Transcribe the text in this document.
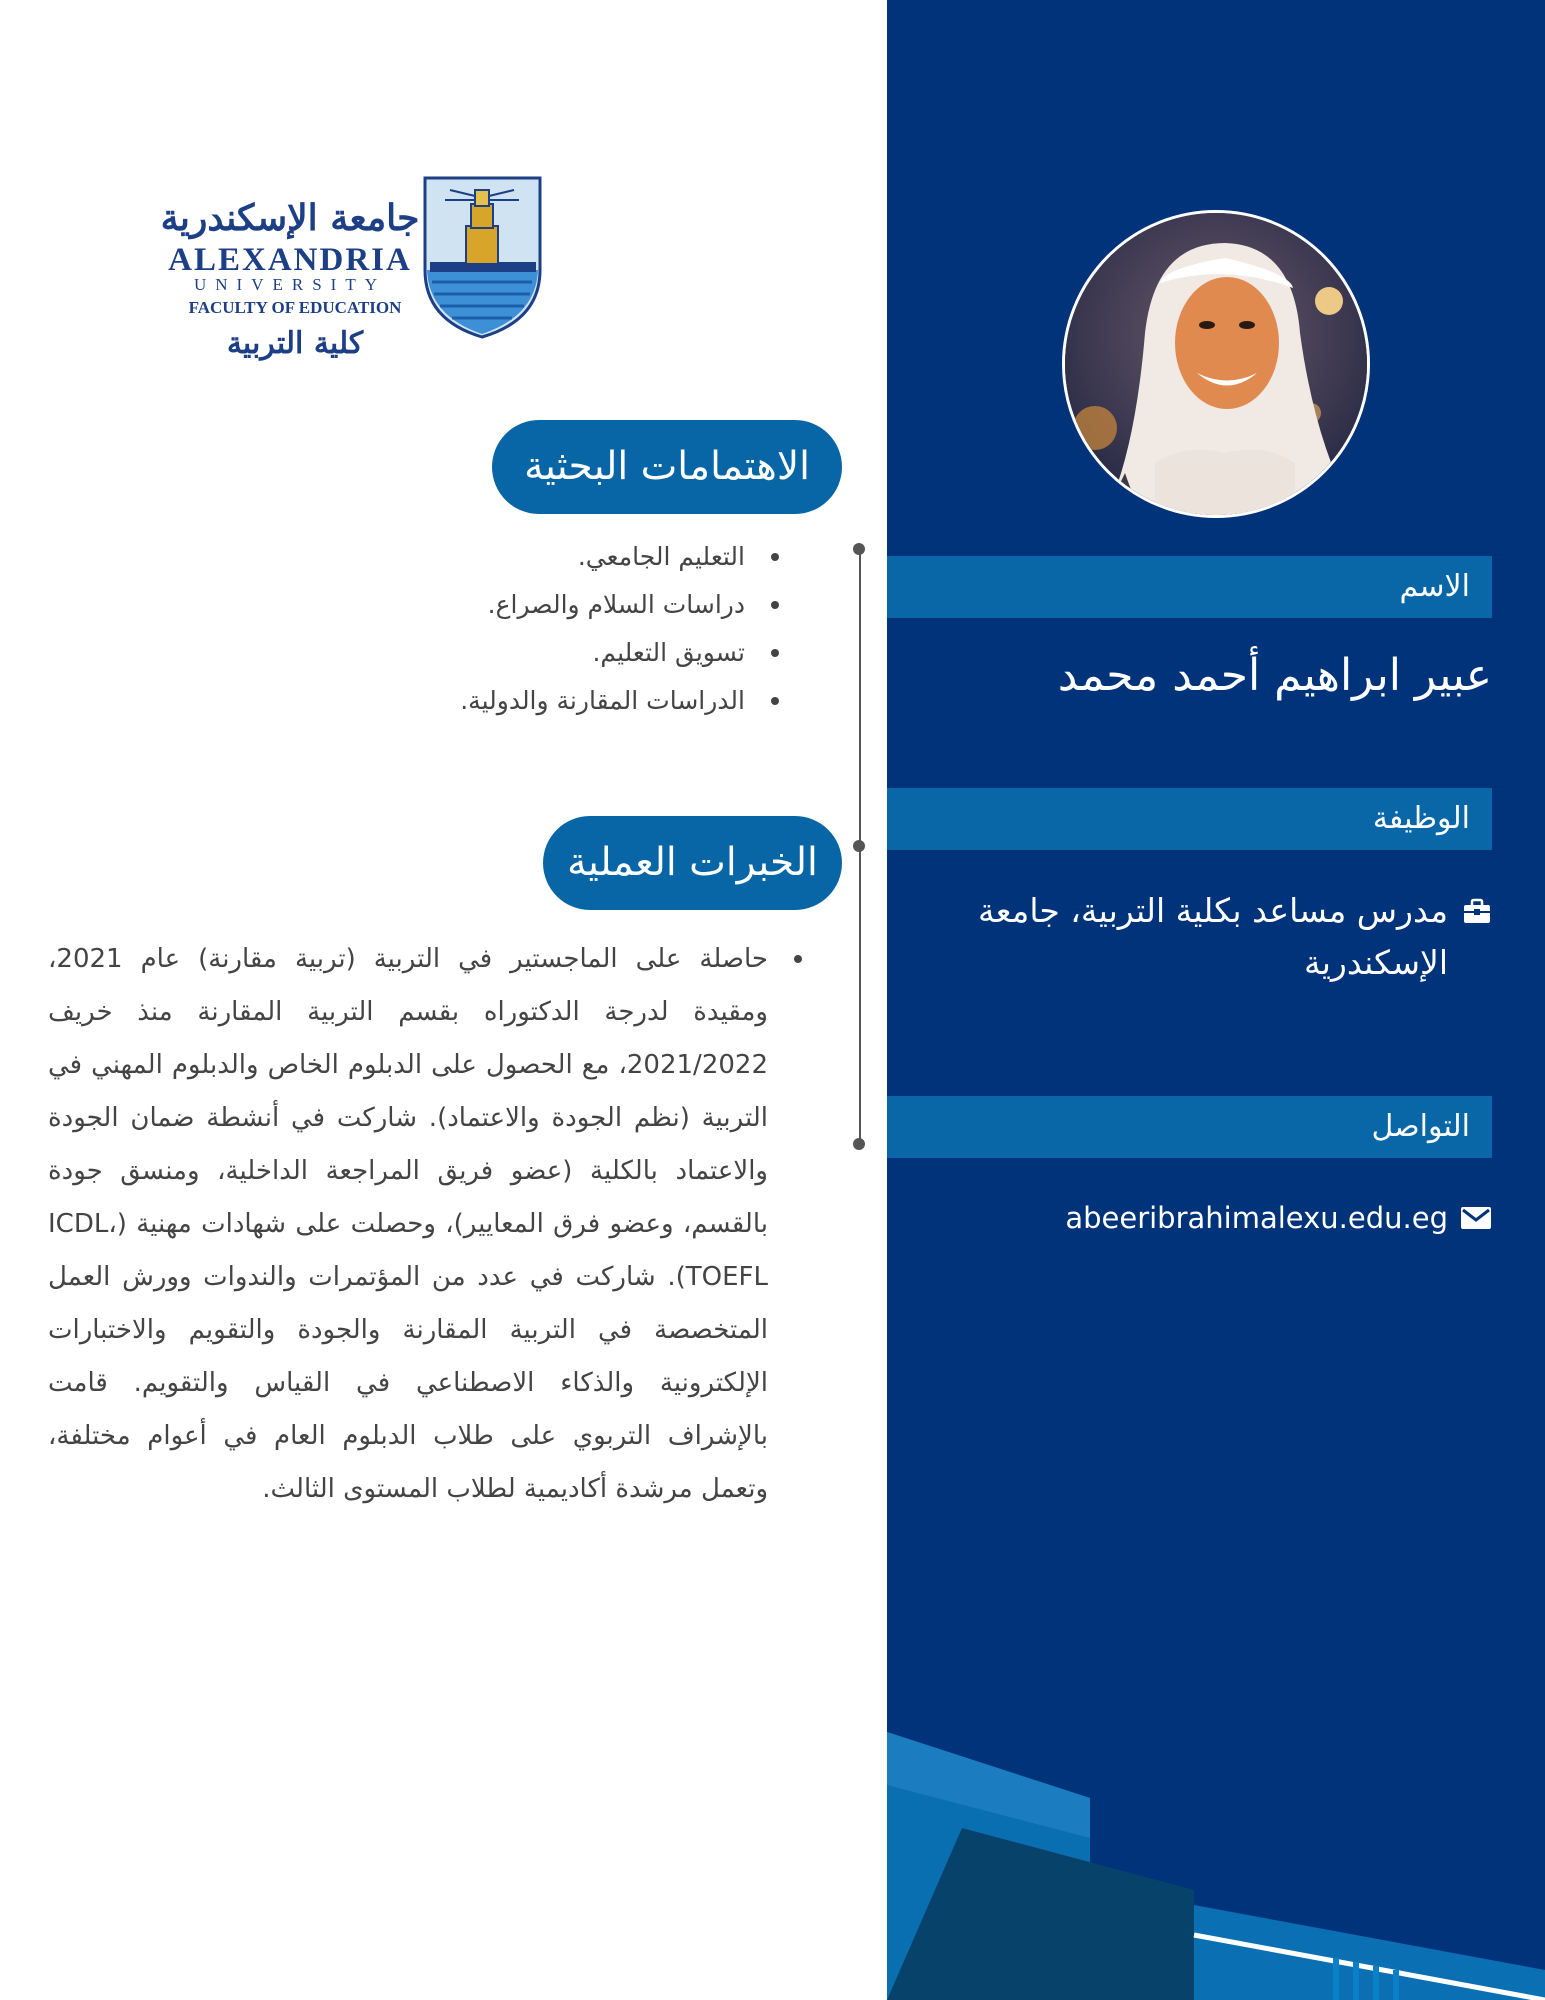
جامعة الإسكندرية
ALEXANDRIA
UNIVERSITY
FACULTY OF EDUCATION
كلية التربية
الاهتمامات البحثية
التعليم الجامعي.
دراسات السلام والصراع.
تسويق التعليم.
الدراسات المقارنة والدولية.
الخبرات العملية
حاصلة على الماجستير في التربية (تربية مقارنة) عام 2021، ومقيدة لدرجة الدكتوراه بقسم التربية المقارنة منذ خريف 2021/2022، مع الحصول على الدبلوم الخاص والدبلوم المهني في التربية (نظم الجودة والاعتماد). شاركت في أنشطة ضمان الجودة والاعتماد بالكلية (عضو فريق المراجعة الداخلية، ومنسق جودة بالقسم، وعضو فرق المعايير)، وحصلت على شهادات مهنية (ICDL، TOEFL). شاركت في عدد من المؤتمرات والندوات وورش العمل المتخصصة في التربية المقارنة والجودة والتقويم والاختبارات الإلكترونية والذكاء الاصطناعي في القياس والتقويم. قامت بالإشراف التربوي على طلاب الدبلوم العام في أعوام مختلفة، وتعمل مرشدة أكاديمية لطلاب المستوى الثالث.
الاسم
عبير ابراهيم أحمد محمد
الوظيفة
مدرس مساعد بكلية التربية، جامعة الإسكندرية
التواصل
abeeribrahimalexu.edu.eg
